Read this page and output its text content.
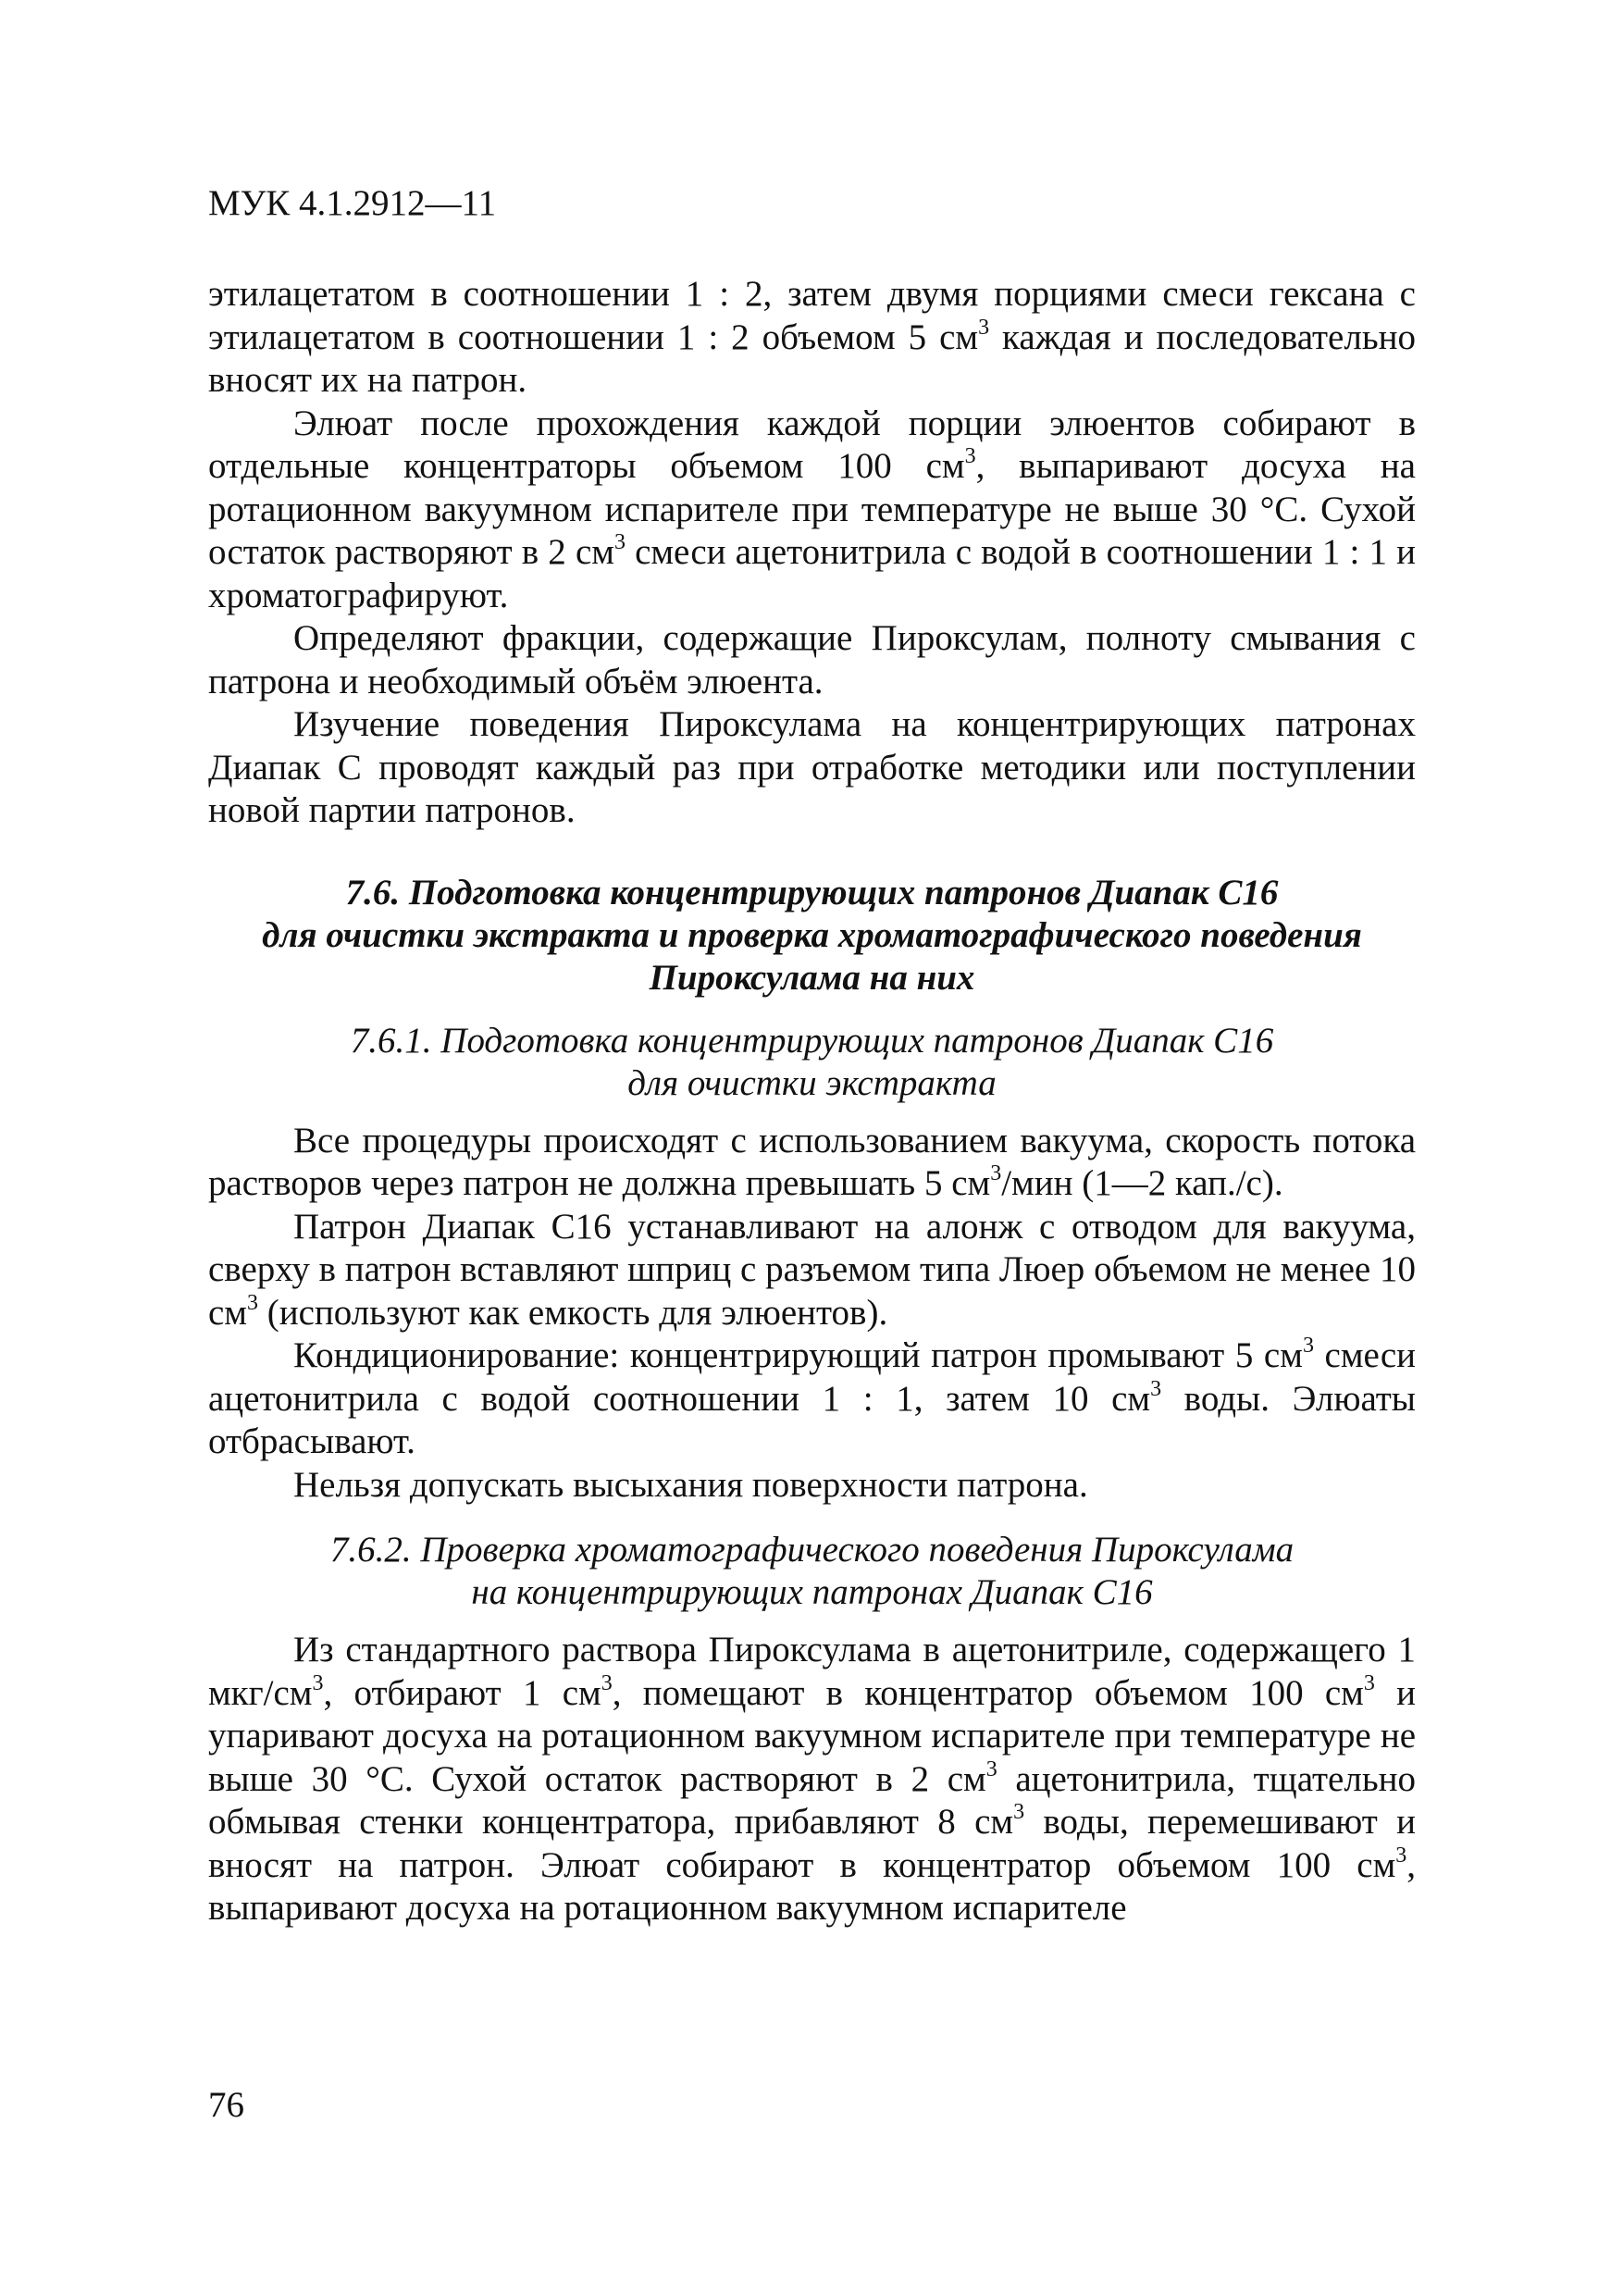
МУК 4.1.2912—11

этилацетатом в соотношении 1 : 2, затем двумя порциями смеси гексана с этилацетатом в соотношении 1 : 2 объемом 5 $см^3$ каждая и последовательно вносят их на патрон.

Элюат после прохождения каждой порции элюентов собирают в отдельные концентраторы объемом 100 $см^3$, выпаривают досуха на ротационном вакуумном испарителе при температуре не выше 30 °С. Сухой остаток растворяют в 2 $см^3$ смеси ацетонитрила с водой в соотношении 1 : 1 и хроматографируют.

Определяют фракции, содержащие Пироксулам, полноту смывания с патрона и необходимый объём элюента.

Изучение поведения Пироксулама на концентрирующих патронах Диапак С проводят каждый раз при отработке методики или поступлении новой партии патронов.

7.6. Подготовка концентрирующих патронов Диапак С16
для очистки экстракта и проверка хроматографического поведения
Пироксулама на них
7.6.1. Подготовка концентрирующих патронов Диапак С16
для очистки экстракта

Все процедуры происходят с использованием вакуума, скорость потока растворов через патрон не должна превышать 5 $см^3$/мин (1—2 кап./с).

Патрон Диапак С16 устанавливают на алонж с отводом для вакуума, сверху в патрон вставляют шприц с разъемом типа Люер объемом не менее 10 $см^3$ (используют как емкость для элюентов).

Кондиционирование: концентрирующий патрон промывают 5 $см^3$ смеси ацетонитрила с водой соотношении 1 : 1, затем 10 $см^3$ воды. Элюаты отбрасывают.

Нельзя допускать высыхания поверхности патрона.

7.6.2. Проверка хроматографического поведения Пироксулама
на концентрирующих патронах Диапак С16

Из стандартного раствора Пироксулама в ацетонитриле, содержащего 1 мкг/$см^3$, отбирают 1 $см^3$, помещают в концентратор объемом 100 $см^3$ и упаривают досуха на ротационном вакуумном испарителе при температуре не выше 30 °С. Сухой остаток растворяют в 2 $см^3$ ацетонитрила, тщательно обмывая стенки концентратора, прибавляют 8 $см^3$ воды, перемешивают и вносят на патрон. Элюат собирают в концентратор объемом 100 $см^3$, выпаривают досуха на ротационном вакуумном испарителе

76
